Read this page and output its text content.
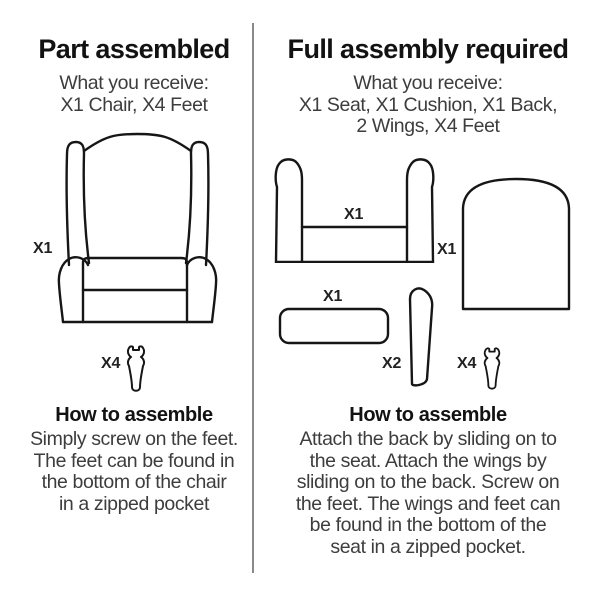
Part assembled
What you receive:
X1 Chair, X4 Feet
X1
X4
How to assemble
Simply screw on the feet.
The feet can be found in
the bottom of the chair
in a zipped pocket
Full assembly required
What you receive:
X1 Seat, X1 Cushion, X1 Back,
2 Wings, X4 Feet
X1
X1
X1
X2	X4
How to assemble
Attach the back by sliding on to
the seat. Attach the wings by
sliding on to the back. Screw on
the feet. The wings and feet can
be found in the bottom of the
seat in a zipped pocket.
